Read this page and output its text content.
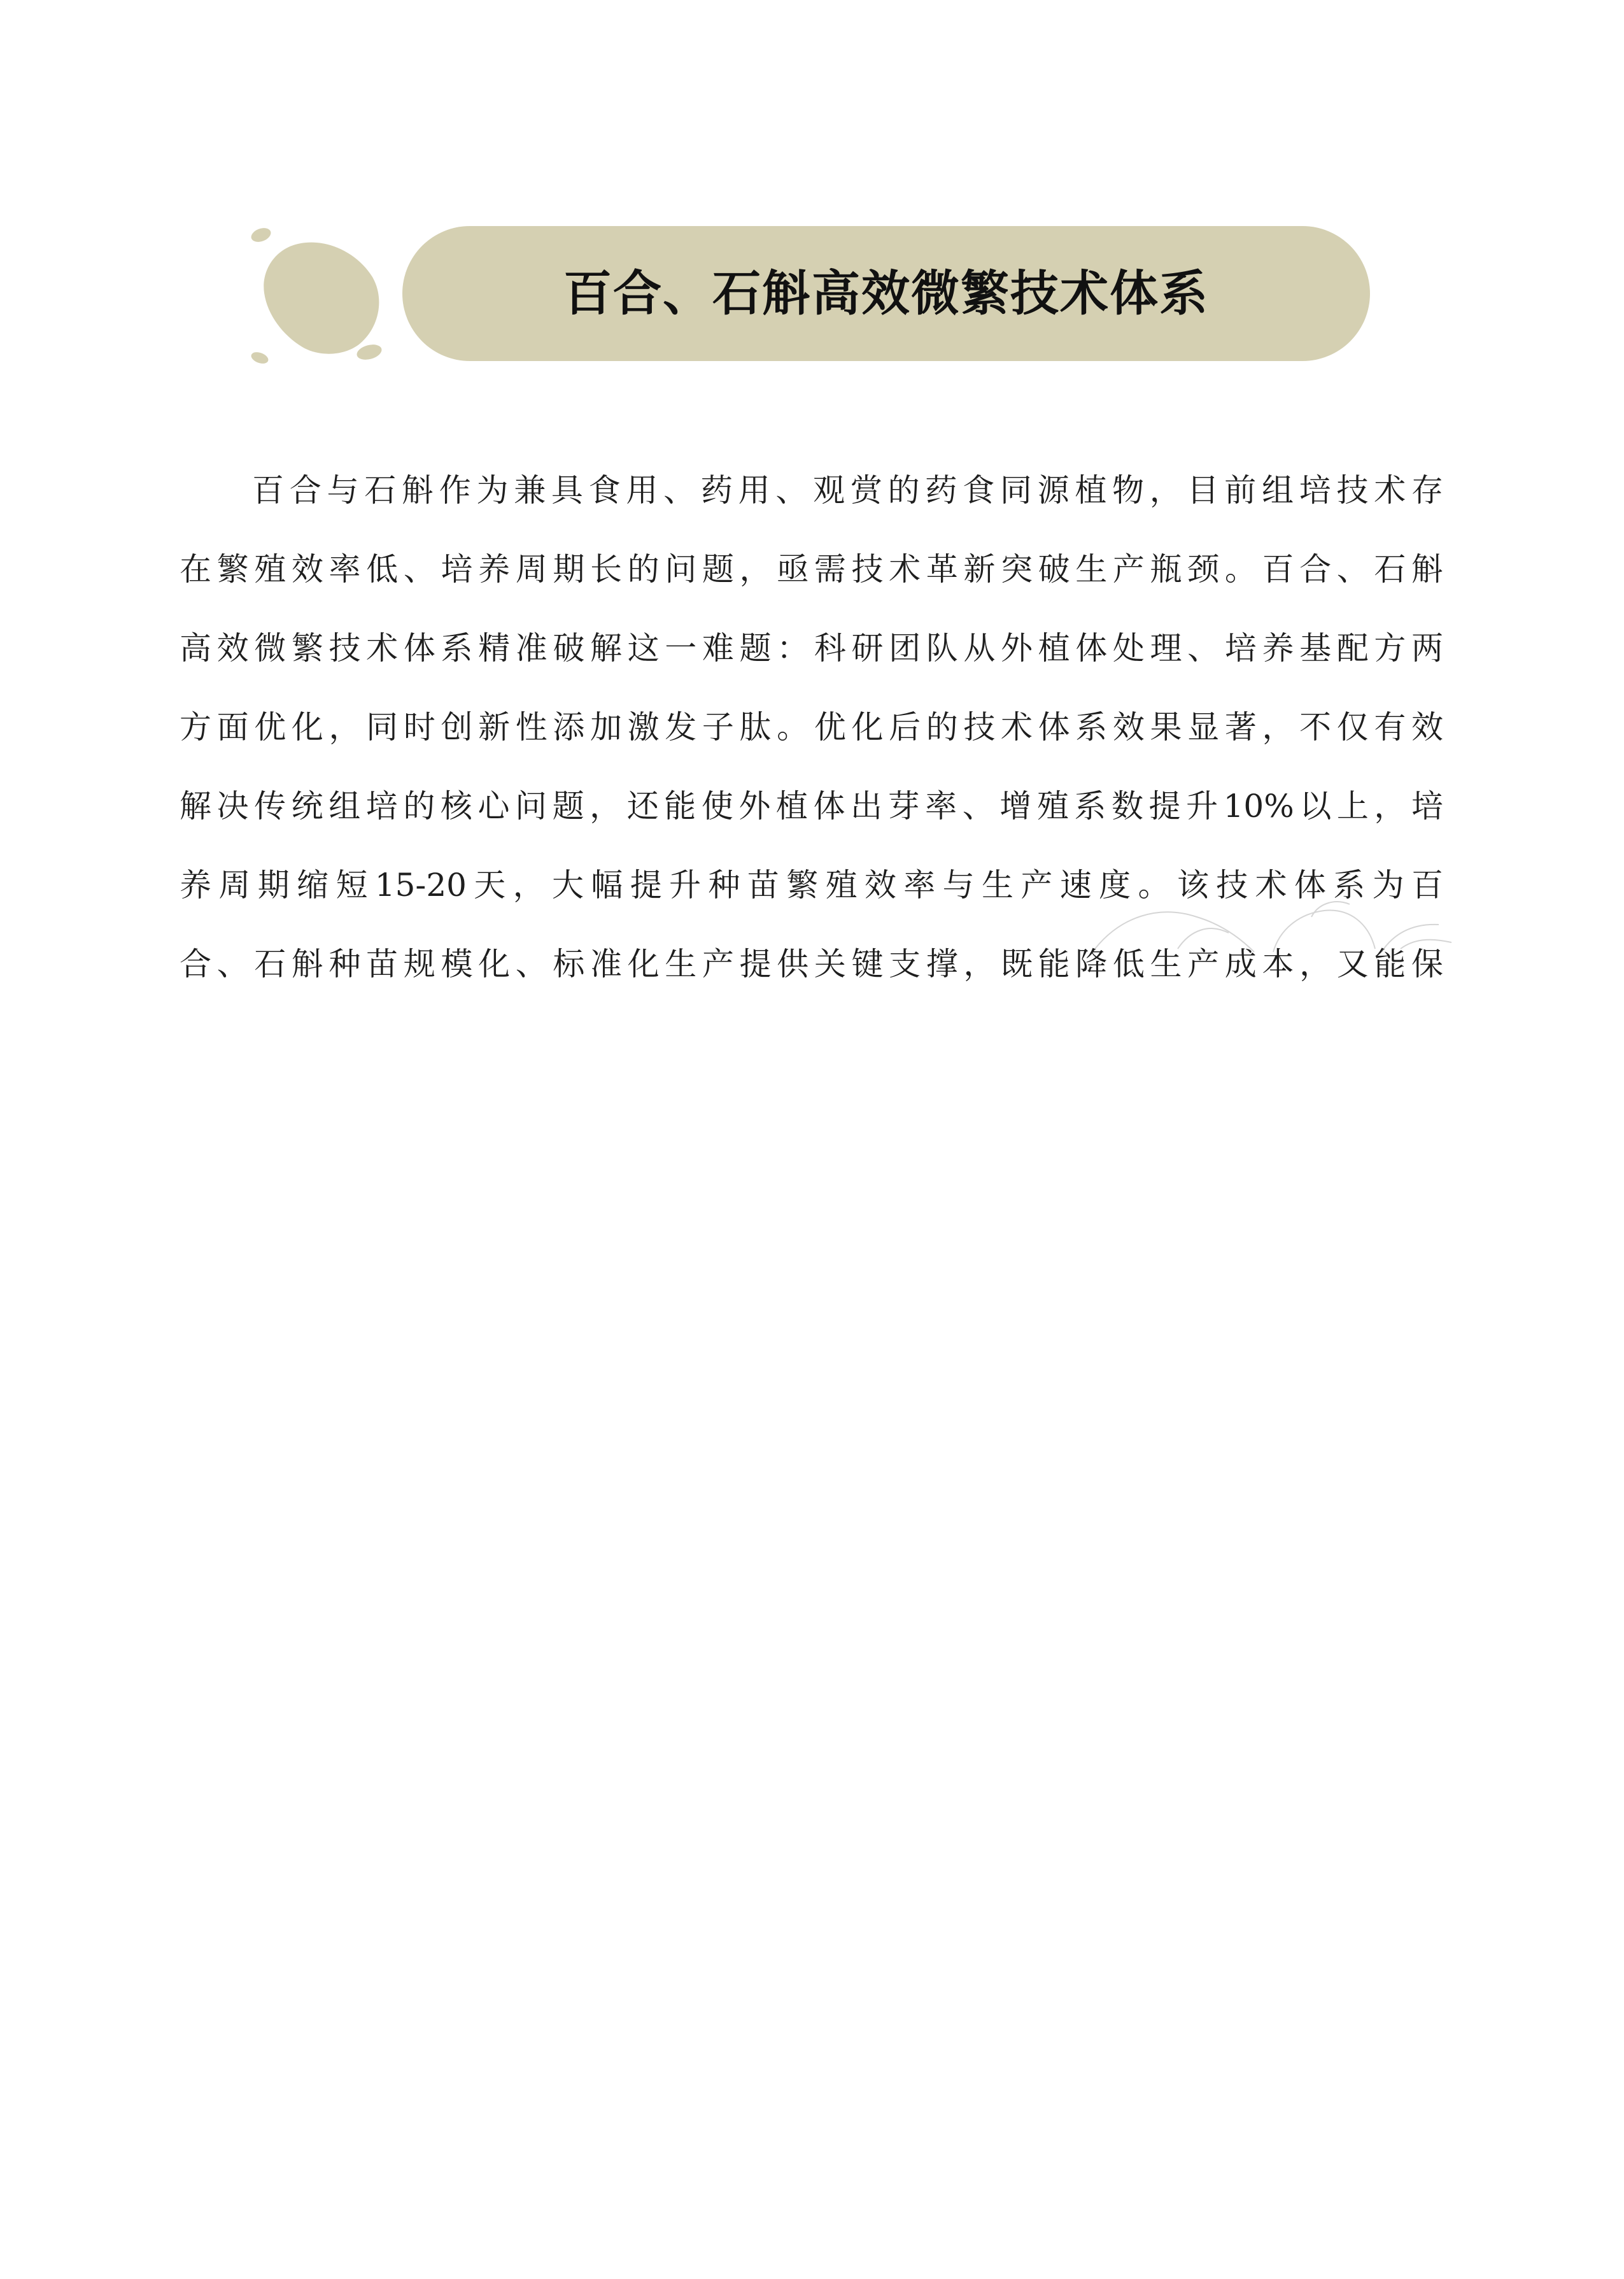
百合、石斛高效微繁技术体系
百合与石斛作为兼具食用、药用、观赏的药食同源植物，目前组培技术存
在繁殖效率低、培养周期长的问题，亟需技术革新突破生产瓶颈。百合、石斛
高效微繁技术体系精准破解这一难题：科研团队从外植体处理、培养基配方两
方面优化，同时创新性添加激发子肽。优化后的技术体系效果显著，不仅有效
解决传统组培的核心问题，还能使外植体出芽率、增殖系数提升10%以上，培
养周期缩短15-20天，大幅提升种苗繁殖效率与生产速度。该技术体系为百
合、石斛种苗规模化、标准化生产提供关键支撑，既能降低生产成本，又能保
